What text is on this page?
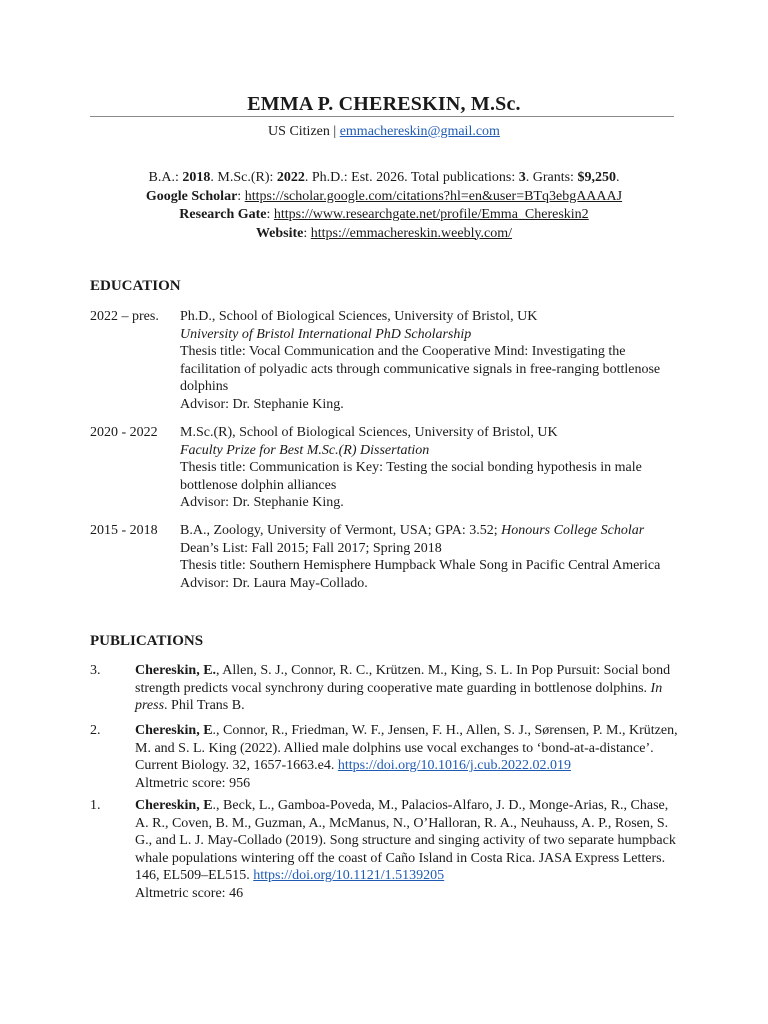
EMMA P. CHERESKIN, M.Sc.
US Citizen | emmachereskin@gmail.com
B.A.: 2018. M.Sc.(R): 2022. Ph.D.: Est. 2026. Total publications: 3. Grants: $9,250.
Google Scholar: https://scholar.google.com/citations?hl=en&user=BTq3ebgAAAAJ
Research Gate: https://www.researchgate.net/profile/Emma_Chereskin2
Website: https://emmachereskin.weebly.com/
EDUCATION
2022 – pres.	Ph.D., School of Biological Sciences, University of Bristol, UK
University of Bristol International PhD Scholarship
Thesis title: Vocal Communication and the Cooperative Mind: Investigating the
facilitation of polyadic acts through communicative signals in free-ranging bottlenose
dolphins
Advisor: Dr. Stephanie King.
2020 - 2022	M.Sc.(R), School of Biological Sciences, University of Bristol, UK
Faculty Prize for Best M.Sc.(R) Dissertation
Thesis title: Communication is Key: Testing the social bonding hypothesis in male
bottlenose dolphin alliances
Advisor: Dr. Stephanie King.
2015 - 2018	B.A., Zoology, University of Vermont, USA; GPA: 3.52; Honours College Scholar
Dean’s List: Fall 2015; Fall 2017; Spring 2018
Thesis title: Southern Hemisphere Humpback Whale Song in Pacific Central America
Advisor: Dr. Laura May-Collado.
PUBLICATIONS
3. Chereskin, E., Allen, S. J., Connor, R. C., Krützen. M., King, S. L. In Pop Pursuit: Social bond
strength predicts vocal synchrony during cooperative mate guarding in bottlenose dolphins. In
press. Phil Trans B.
2. Chereskin, E., Connor, R., Friedman, W. F., Jensen, F. H., Allen, S. J., Sørensen, P. M., Krützen,
M. and S. L. King (2022). Allied male dolphins use vocal exchanges to ‘bond-at-a-distance’.
Current Biology. 32, 1657-1663.e4. https://doi.org/10.1016/j.cub.2022.02.019
Altmetric score: 956
1. Chereskin, E., Beck, L., Gamboa-Poveda, M., Palacios-Alfaro, J. D., Monge-Arias, R., Chase,
A. R., Coven, B. M., Guzman, A., McManus, N., O’Halloran, R. A., Neuhauss, A. P., Rosen, S.
G., and L. J. May-Collado (2019). Song structure and singing activity of two separate humpback
whale populations wintering off the coast of Caño Island in Costa Rica. JASA Express Letters.
146, EL509–EL515. https://doi.org/10.1121/1.5139205
Altmetric score: 46
